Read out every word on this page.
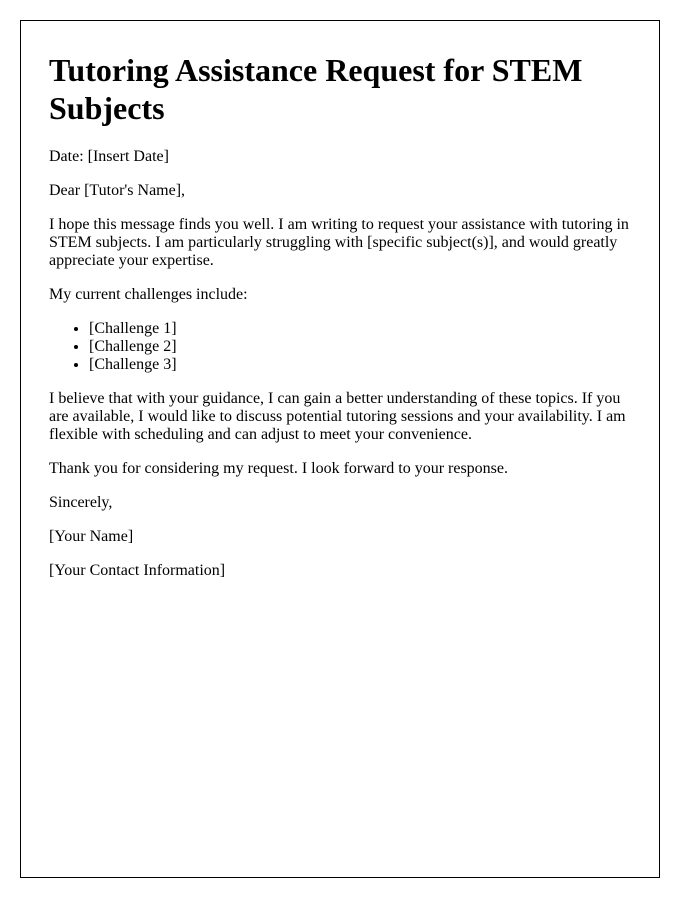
Tutoring Assistance Request for STEM Subjects

Date: [Insert Date]

Dear [Tutor's Name],

I hope this message finds you well. I am writing to request your assistance with tutoring in STEM subjects. I am particularly struggling with [specific subject(s)], and would greatly appreciate your expertise.

My current challenges include:

• [Challenge 1]
• [Challenge 2]
• [Challenge 3]

I believe that with your guidance, I can gain a better understanding of these topics. If you are available, I would like to discuss potential tutoring sessions and your availability. I am flexible with scheduling and can adjust to meet your convenience.

Thank you for considering my request. I look forward to your response.

Sincerely,

[Your Name]

[Your Contact Information]
